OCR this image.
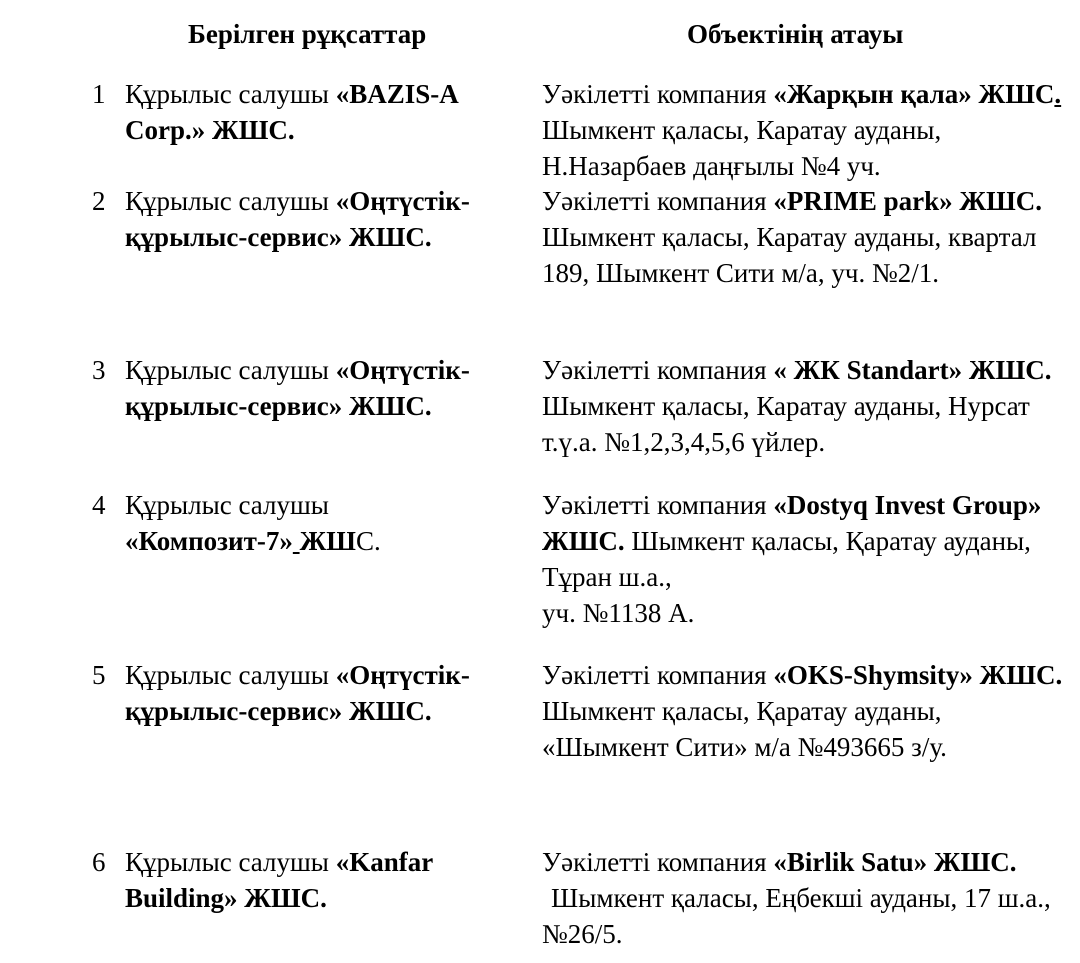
Берілген рұқсаттар	Объектінің атауы
1 Құрылыс салушы «BAZIS-A Corp.» ЖШС.
Уәкілетті компания «Жарқын қала» ЖШС. Шымкент қаласы, Каратау ауданы, Н.Назарбаев даңғылы №4 уч.
2 Құрылыс салушы «Оңтүстік-құрылыс-сервис» ЖШС.
Уәкілетті компания «PRIME park» ЖШС. Шымкент қаласы, Каратау ауданы, квартал 189, Шымкент Сити м/а, уч. №2/1.
3 Құрылыс салушы «Оңтүстік-құрылыс-сервис» ЖШС.
Уәкілетті компания « ЖК Standart» ЖШС. Шымкент қаласы, Каратау ауданы, Нурсат т.ү.а. №1,2,3,4,5,6 үйлер.
4 Құрылыс салушы «Композит-7» ЖШС.
Уәкілетті компания «Dostyq Invest Group» ЖШС. Шымкент қаласы, Қаратау ауданы, Тұран ш.а.,
уч. №1138 А.
5 Құрылыс салушы «Оңтүстік-құрылыс-сервис» ЖШС.
Уәкілетті компания «OKS-Shymsity» ЖШС. Шымкент қаласы, Қаратау ауданы, «Шымкент Сити» м/а №493665 з/у.
6 Құрылыс салушы «Kanfar Building» ЖШС.
Уәкілетті компания «Birlik Satu» ЖШС.
Шымкент қаласы, Еңбекші ауданы, 17 ш.а., №26/5.
